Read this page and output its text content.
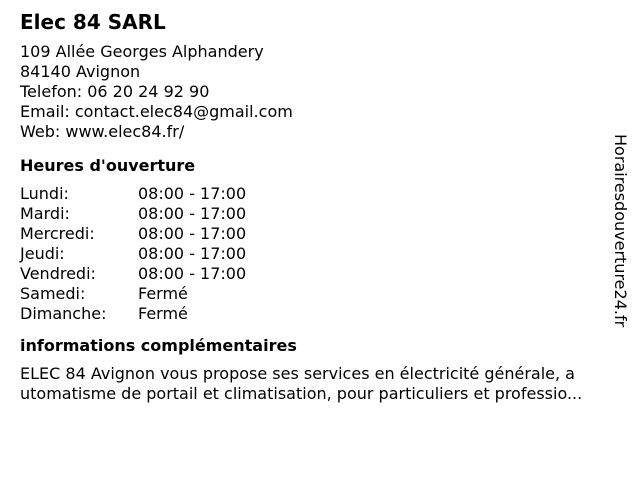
Elec 84 SARL
109 Allée Georges Alphandery
84140 Avignon
Telefon: 06 20 24 92 90
Email: contact.elec84@gmail.com
Web: www.elec84.fr/
Heures d'ouverture
Lundi:	08:00 - 17:00
Mardi:	08:00 - 17:00
Mercredi:	08:00 - 17:00
Jeudi:	08:00 - 17:00
Vendredi:	08:00 - 17:00
Samedi:	Fermé
Dimanche:	Fermé
informations complémentaires
ELEC 84 Avignon vous propose ses services en électricité générale, a
utomatisme de portail et climatisation, pour particuliers et professio...
Horairesdouverture24.fr
